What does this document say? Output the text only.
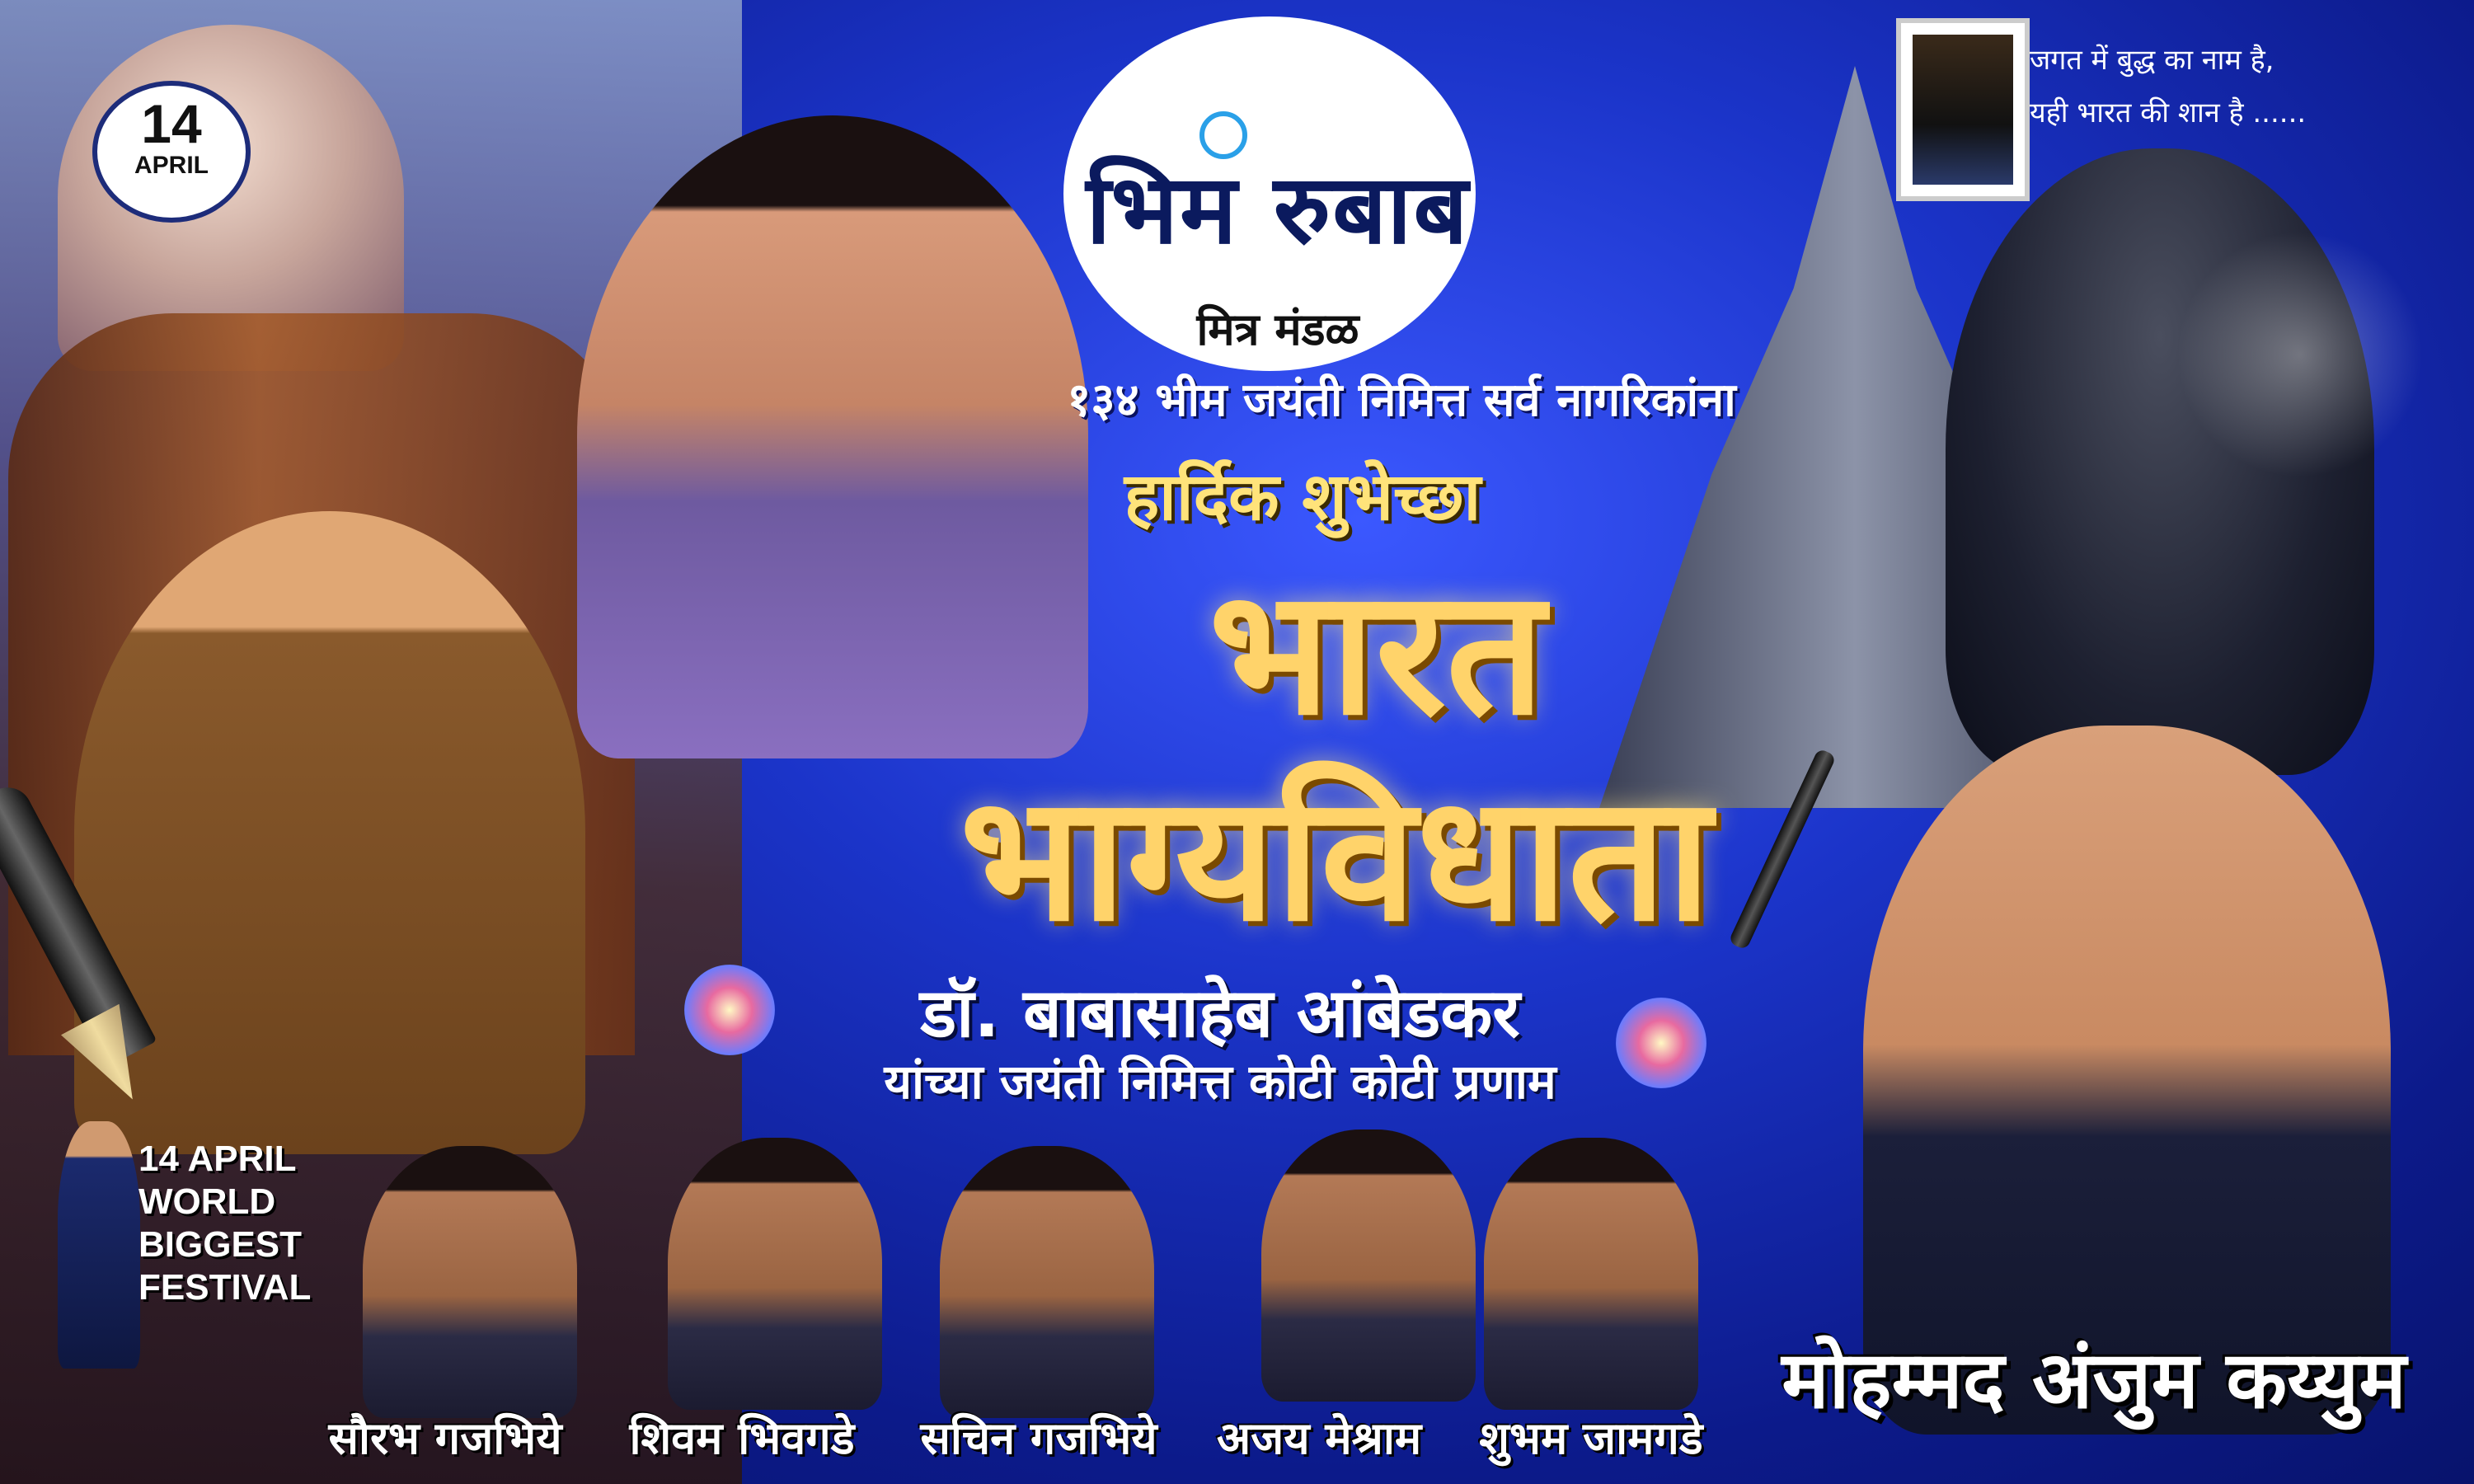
14
APRIL	भिम रुबाब
मित्र मंडळ
१३४ भीम जयंती निमित्त सर्व नागरिकांना
हार्दिक शुभेच्छा
भारत
भाग्यविधाता
डॉ. बाबासाहेब आंबेडकर
यांच्या जयंती निमित्त कोटी कोटी प्रणाम
जगत में बुद्ध का नाम है,
यही भारत की शान है ......
14 APRIL
WORLD
BIGGEST
FESTIVAL
सौरभ गजभिये	शिवम भिवगडे	सचिन गजभिये	अजय मेश्राम	शुभम जामगडे
मोहम्मद अंजुम कय्युम
